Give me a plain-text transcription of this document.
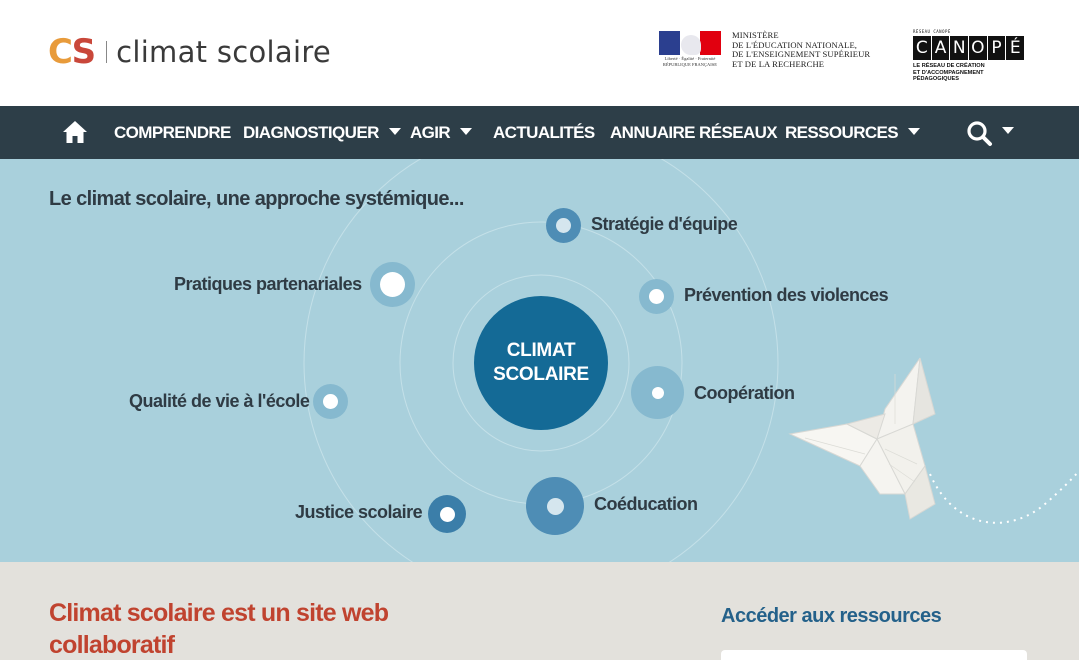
CS climat scolaire	Liberté · Égalité · Fraternité
RÉPUBLIQUE FRANÇAISE
MINISTÈRE
DE L'ÉDUCATION NATIONALE,
DE L'ENSEIGNEMENT SUPÉRIEUR
ET DE LA RECHERCHE
RÉSEAU CANOPÉ
C A N O P É
LE RÉSEAU DE CRÉATION
ET D'ACCOMPAGNEMENT PÉDAGOGIQUES
COMPRENDRE DIAGNOSTIQUER	AGIR	ACTUALITÉS ANNUAIRE RÉSEAUX RESSOURCES
Le climat scolaire, une approche systémique...
CLIMAT
SCOLAIRE
Stratégie d'équipe
Pratiques partenariales
Prévention des violences
Coopération
Qualité de vie à l'école
Justice scolaire	Coéducation
Climat scolaire est un site web collaboratif
Accéder aux ressources
